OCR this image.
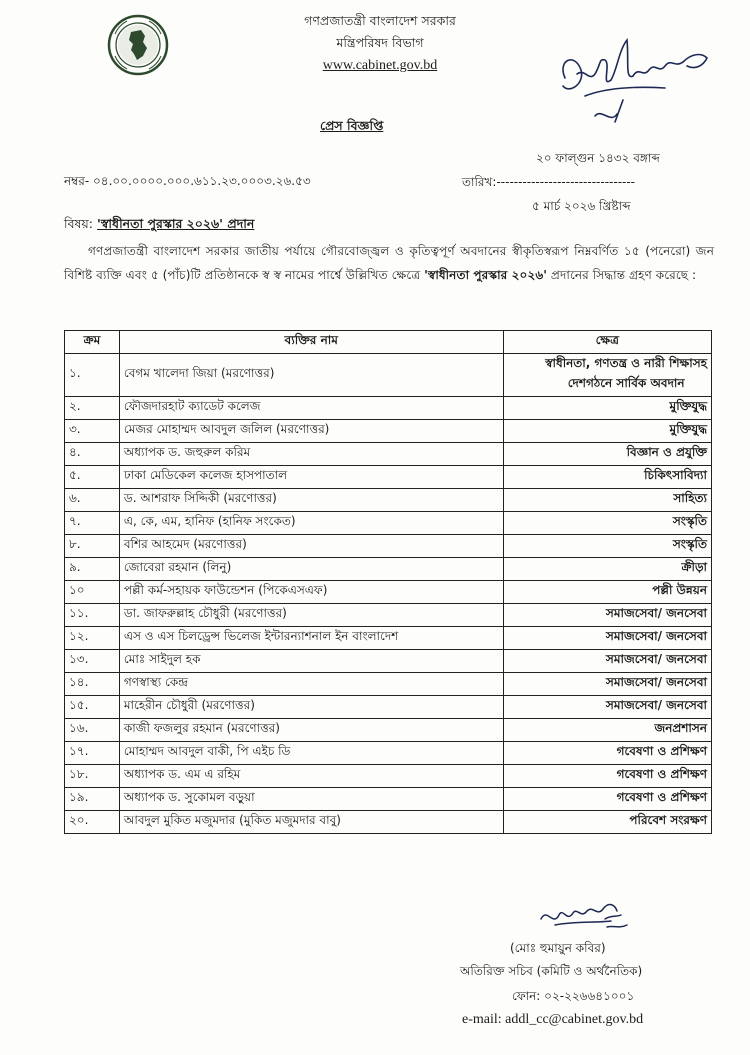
গণপ্রজাতন্ত্রী বাংলাদেশ সরকার
মন্ত্রিপরিষদ বিভাগ
www.cabinet.gov.bd
প্রেস বিজ্ঞপ্তি
২০ ফাল্গুন ১৪৩২ বঙ্গাব্দ
তারিখ:--------------------------------
৫ মার্চ ২০২৬ খ্রিষ্টাব্দ
নম্বর- ০৪.০০.০০০০.০০০.৬১১.২৩.০০০৩.২৬.৫৩
বিষয়: 'স্বাধীনতা পুরস্কার ২০২৬' প্রদান
গণপ্রজাতন্ত্রী বাংলাদেশ সরকার জাতীয় পর্যায়ে গৌরবোজ্জ্বল ও কৃতিত্বপূর্ণ অবদানের স্বীকৃতিস্বরূপ নিম্নবর্ণিত ১৫ (পনেরো) জন বিশিষ্ট ব্যক্তি এবং ৫ (পাঁচ)টি প্রতিষ্ঠানকে স্ব স্ব নামের পার্শ্বে উল্লিখিত ক্ষেত্রে 'স্বাধীনতা পুরস্কার ২০২৬' প্রদানের সিদ্ধান্ত গ্রহণ করেছে :
ক্রম	ব্যক্তির নাম	ক্ষেত্র
১.	বেগম খালেদা জিয়া (মরণোত্তর)	স্বাধীনতা, গণতন্ত্র ও নারী শিক্ষাসহ
দেশগঠনে সার্বিক অবদান

২.	ফৌজদারহাট ক্যাডেট কলেজ	মুক্তিযুদ্ধ

৩.	মেজর মোহাম্মদ আবদুল জলিল (মরণোত্তর)	মুক্তিযুদ্ধ

৪.	অধ্যাপক ড. জহুরুল করিম	বিজ্ঞান ও প্রযুক্তি

৫.	ঢাকা মেডিকেল কলেজ হাসপাতাল	চিকিৎসাবিদ্যা

৬.	ড. আশরাফ সিদ্দিকী (মরণোত্তর)	সাহিত্য

৭.	এ, কে, এম, হানিফ (হানিফ সংকেত)	সংস্কৃতি

৮.	বশির আহমেদ (মরণোত্তর)	সংস্কৃতি

৯.	জোবেরা রহমান (লিনু)	ক্রীড়া

১০	পল্লী কর্ম-সহায়ক ফাউন্ডেশন (পিকেএসএফ)	পল্লী উন্নয়ন

১১.	ডা. জাফরুল্লাহ চৌধুরী (মরণোত্তর)	সমাজসেবা/ জনসেবা

১২.	এস ও এস চিলড্রেন্স ভিলেজ ইন্টারন্যাশনাল ইন বাংলাদেশ	সমাজসেবা/ জনসেবা

১৩.	মোঃ সাইদুল হক	সমাজসেবা/ জনসেবা

১৪.	গণস্বাস্থ্য কেন্দ্র	সমাজসেবা/ জনসেবা

১৫.	মাহেরীন চৌধুরী (মরণোত্তর)	সমাজসেবা/ জনসেবা

১৬.	কাজী ফজলুর রহমান (মরণোত্তর)	জনপ্রশাসন

১৭.	মোহাম্মদ আবদুল বাকী, পি এইচ ডি	গবেষণা ও প্রশিক্ষণ

১৮.	অধ্যাপক ড. এম এ রহিম	গবেষণা ও প্রশিক্ষণ

১৯.	অধ্যাপক ড. সুকোমল বড়ুয়া	গবেষণা ও প্রশিক্ষণ

২০.	আবদুল মুকিত মজুমদার (মুকিত মজুমদার বাবু)	পরিবেশ সংরক্ষণ
(মোঃ হুমায়ুন কবির)
অতিরিক্ত সচিব (কমিটি ও অর্থনৈতিক)
ফোন: ০২-২২৬৬৪১০০১
e-mail: addl_cc@cabinet.gov.bd
